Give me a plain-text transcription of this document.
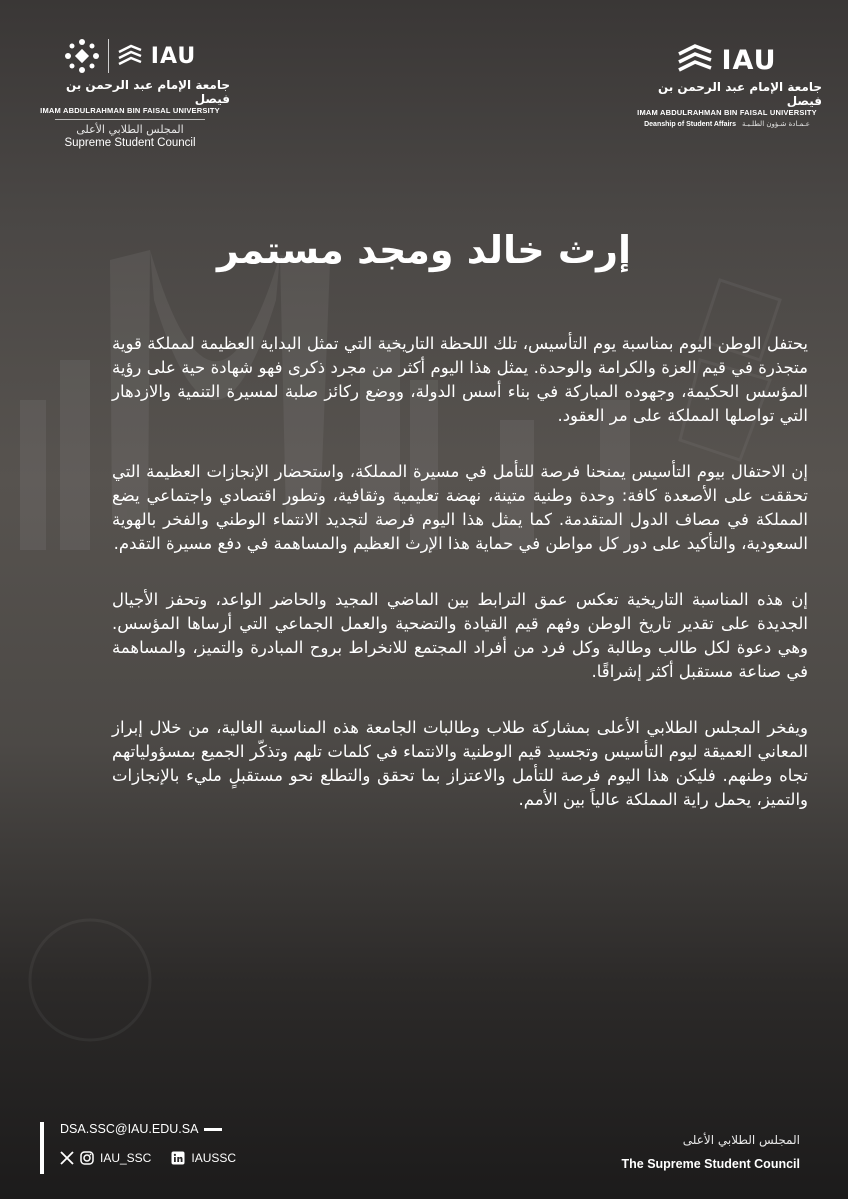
IAU
جامعة الإمام عبد الرحمن بن فيصل
IMAM ABDULRAHMAN BIN FAISAL UNIVERSITY
المجلس الطلابي الأعلى
Supreme Student Council
IAU
جامعة الإمام عبد الرحمن بن فيصل
IMAM ABDULRAHMAN BIN FAISAL UNIVERSITY
Deanship of Student Affairs عـمـادة شـؤون الطلـبـة
إرث خالد ومجد مستمر

يحتفل الوطن اليوم بمناسبة يوم التأسيس، تلك اللحظة التاريخية التي تمثل البداية العظيمة لمملكة قوية متجذرة في قيم العزة والكرامة والوحدة. يمثل هذا اليوم أكثر من مجرد ذكرى فهو شهادة حية على رؤية المؤسس الحكيمة، وجهوده المباركة في بناء أسس الدولة، ووضع ركائز صلبة لمسيرة التنمية والازدهار التي تواصلها المملكة على مر العقود.

إن الاحتفال بيوم التأسيس يمنحنا فرصة للتأمل في مسيرة المملكة، واستحضار الإنجازات العظيمة التي تحققت على الأصعدة كافة: وحدة وطنية متينة، نهضة تعليمية وثقافية، وتطور اقتصادي واجتماعي يضع المملكة في مصاف الدول المتقدمة. كما يمثل هذا اليوم فرصة لتجديد الانتماء الوطني والفخر بالهوية السعودية، والتأكيد على دور كل مواطن في حماية هذا الإرث العظيم والمساهمة في دفع مسيرة التقدم.

إن هذه المناسبة التاريخية تعكس عمق الترابط بين الماضي المجيد والحاضر الواعد، وتحفز الأجيال الجديدة على تقدير تاريخ الوطن وفهم قيم القيادة والتضحية والعمل الجماعي التي أرساها المؤسس. وهي دعوة لكل طالب وطالبة وكل فرد من أفراد المجتمع للانخراط بروح المبادرة والتميز، والمساهمة في صناعة مستقبل أكثر إشراقًا.

ويفخر المجلس الطلابي الأعلى بمشاركة طلاب وطالبات الجامعة هذه المناسبة الغالية، من خلال إبراز المعاني العميقة ليوم التأسيس وتجسيد قيم الوطنية والانتماء في كلمات تلهم وتذكّر الجميع بمسؤولياتهم تجاه وطنهم. فليكن هذا اليوم فرصة للتأمل والاعتزاز بما تحقق والتطلع نحو مستقبلٍ مليء بالإنجازات والتميز، يحمل راية المملكة عالياً بين الأمم.

DSA.SSC@IAU.EDU.SA
IAU_SSC	IAUSSC
المجلس الطلابي الأعلى
The Supreme Student Council
